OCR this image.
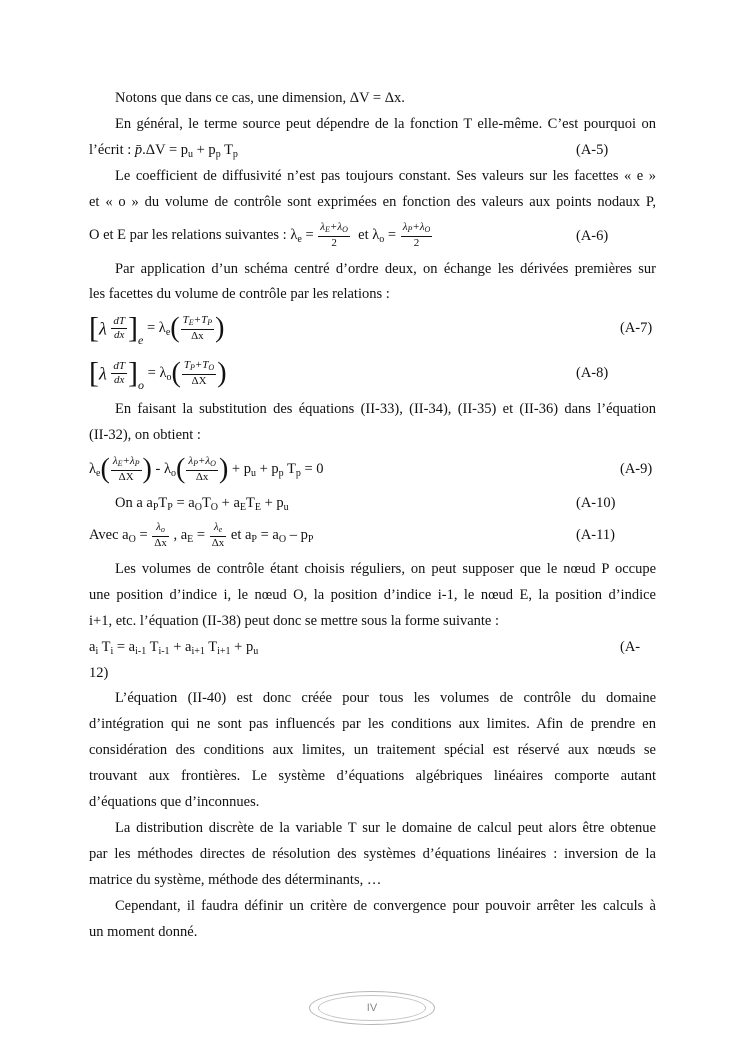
Notons que dans ce cas, une dimension, ΔV = Δx.
En général, le terme source peut dépendre de la fonction T elle-même. C’est pourquoi on
l’écrit : p̄.ΔV = $p_u + p_p$ $T_p$	(A-5)
Le coefficient de diffusivité n’est pas toujours constant. Ses valeurs sur les facettes « e »
et « o » du volume de contrôle sont exprimées en fonction des valeurs aux points nodaux P,
O et E par les relations suivantes : $\lambda_e = \frac{\lambda E+\lambda O}{2}$ et $\lambda_o = \frac{\lambda P+\lambda O}{2}$	(A-6)
Par application d’un schéma centré d’ordre deux, on échange les dérivées premières sur
les facettes du volume de contrôle par les relations :
$[\lambda \frac{dT}{dx} ]_e = \lambda_e( \frac{TE+TP}{\Delta x}$ )	(A-7)
$[\lambda \frac{dT}{dx} ]_o = \lambda_o( \frac{TP+TO}{\Delta X}$ )	(A-8)
En faisant la substitution des équations (II-33), (II-34), (II-35) et (II-36) dans l’équation
(II-32), on obtient :
$\lambda_e( \frac{\lambda E+\lambda P}{\Delta X}$ ) - $\lambda_o( \frac{\lambda P+\lambda O}{\Delta x}$ ) + $p_u + p_p$ $T_p = 0$	(A-9)
On a $a_PT_P = a_OT_O + a_ET_E + p_u$	(A-10)
Avec $a_O = \frac{\lambda o}{\Delta x}$ , $a_E = \frac{\lambda e}{\Delta x}$ et $a_P = a_O - p_P$	(A-11)
Les volumes de contrôle étant choisis réguliers, on peut supposer que le nœud P occupe
une position d’indice i, le nœud O, la position d’indice i-1, le nœud E, la position d’indice
i+1, etc. l’équation (II-38) peut donc se mettre sous la forme suivante :
$a_i$ $T_i = a_{i-1}$ $T_{i-1} + a_{i+1}$ $T_{i+1} + p_u$	(A-
12)
L’équation (II-40) est donc créée pour tous les volumes de contrôle du domaine
d’intégration qui ne sont pas influencés par les conditions aux limites. Afin de prendre en
considération des conditions aux limites, un traitement spécial est réservé aux nœuds se
trouvant aux frontières. Le système d’équations algébriques linéaires comporte autant
d’équations que d’inconnues.
La distribution discrète de la variable T sur le domaine de calcul peut alors être obtenue
par les méthodes directes de résolution des systèmes d’équations linéaires : inversion de la
matrice du système, méthode des déterminants, …
Cependant, il faudra définir un critère de convergence pour pouvoir arrêter les calculs à
un moment donné.
IV
